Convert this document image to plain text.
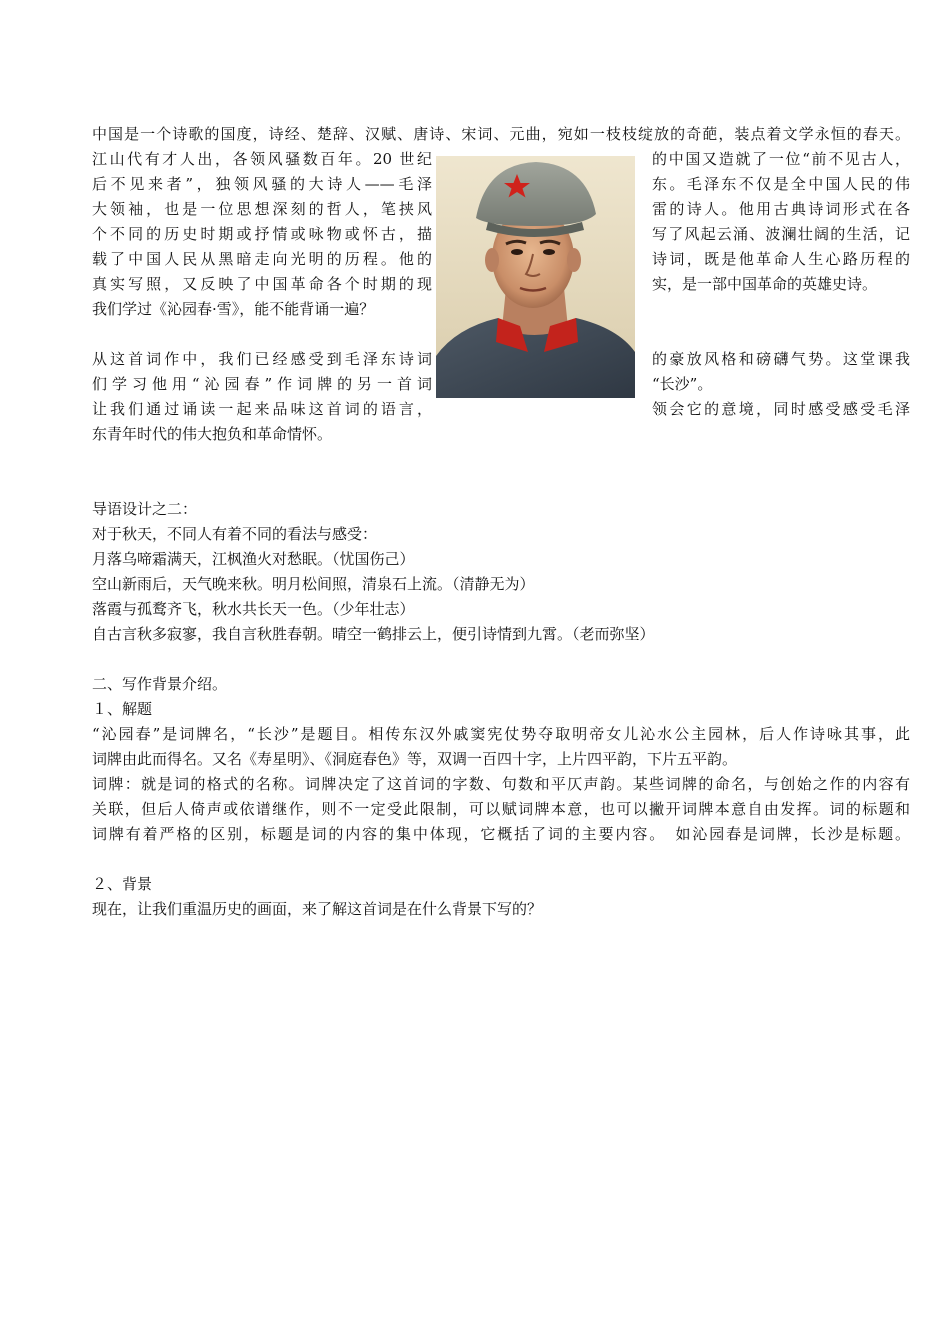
中国是一个诗歌的国度，诗经、楚辞、汉赋、唐诗、宋词、元曲，宛如一枝枝绽放的奇葩，装点着文学永恒的春天。
江山代有才人出，各领风骚数百年。20 世纪	的中国又造就了一位“前不见古人，
后不见来者”，独领风骚的大诗人——毛泽	东。毛泽东不仅是全中国人民的伟
大领袖，也是一位思想深刻的哲人，笔挟风	雷的诗人。他用古典诗词形式在各
个不同的历史时期或抒情或咏物或怀古，描	写了风起云涌、波澜壮阔的生活，记
载了中国人民从黑暗走向光明的历程。他的	诗词，既是他革命人生心路历程的
真实写照，又反映了中国革命各个时期的现	实，是一部中国革命的英雄史诗。
我们学过《沁园春·雪》，能不能背诵一遍？
从这首词作中，我们已经感受到毛泽东诗词	的豪放风格和磅礴气势。这堂课我
们学习他用“沁园春”作词牌的另一首词	“长沙”。
让我们通过诵读一起来品味这首词的语言，	领会它的意境，同时感受感受毛泽
东青年时代的伟大抱负和革命情怀。
导语设计之二：
对于秋天，不同人有着不同的看法与感受：
月落乌啼霜满天，江枫渔火对愁眠。（忧国伤己）
空山新雨后，天气晚来秋。明月松间照，清泉石上流。（清静无为）
落霞与孤鹜齐飞，秋水共长天一色。（少年壮志）
自古言秋多寂寥，我自言秋胜春朝。晴空一鹤排云上，便引诗情到九霄。（老而弥坚）
二、写作背景介绍。
１、解题
“沁园春”是词牌名，“长沙”是题目。相传东汉外戚窦宪仗势夺取明帝女儿沁水公主园林，后人作诗咏其事，此
词牌由此而得名。又名《寿星明》、《洞庭春色》等，双调一百四十字，上片四平韵，下片五平韵。
词牌：就是词的格式的名称。词牌决定了这首词的字数、句数和平仄声韵。某些词牌的命名，与创始之作的内容有
关联，但后人倚声或依谱继作，则不一定受此限制，可以赋词牌本意，也可以撇开词牌本意自由发挥。词的标题和
词牌有着严格的区别，标题是词的内容的集中体现，它概括了词的主要内容。　如沁园春是词牌，长沙是标题。
２、背景
现在，让我们重温历史的画面，来了解这首词是在什么背景下写的？
